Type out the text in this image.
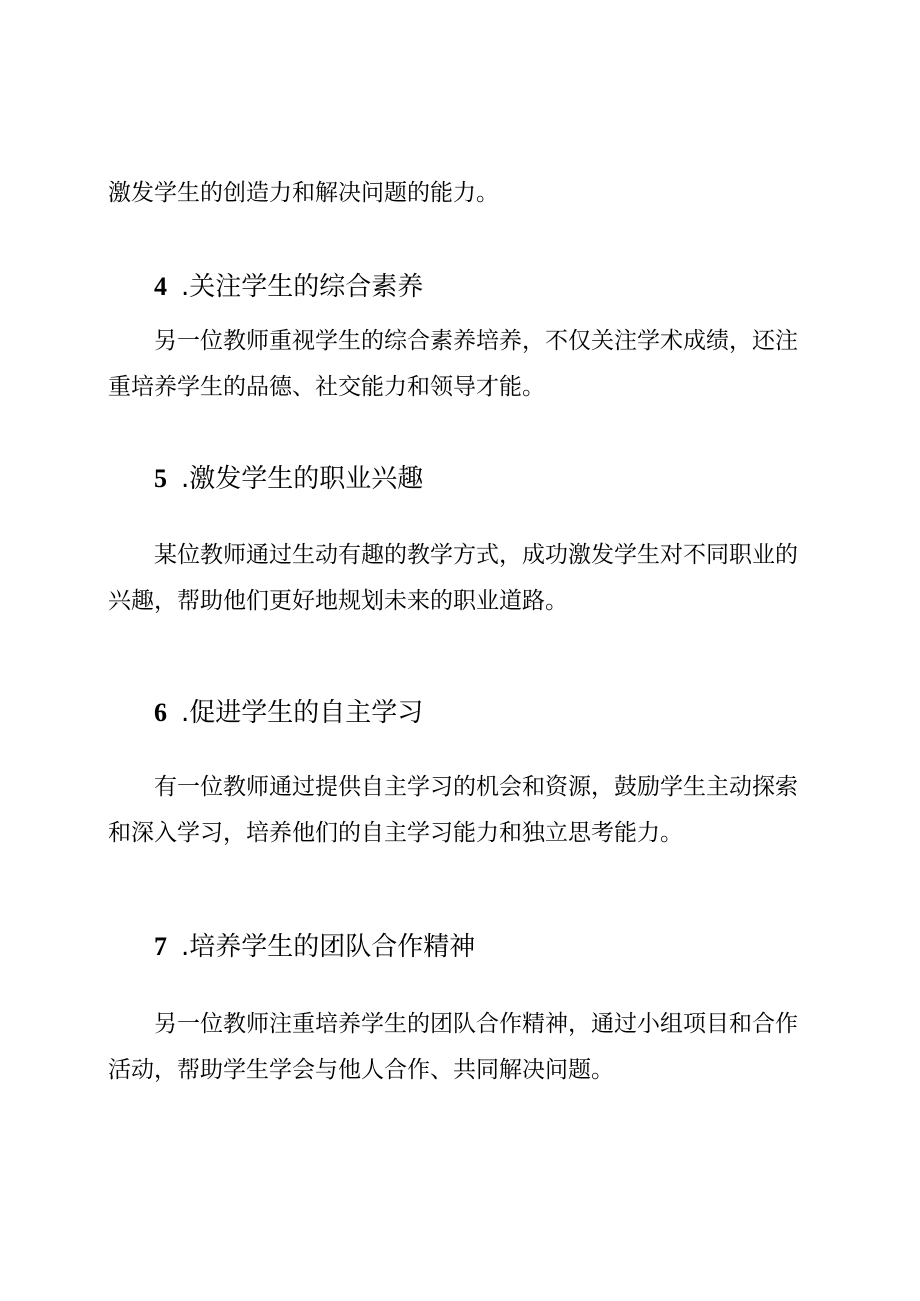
激发学生的创造力和解决问题的能力。

4 .关注学生的综合素养

另一位教师重视学生的综合素养培养，不仅关注学术成绩，还注
重培养学生的品德、社交能力和领导才能。

5 .激发学生的职业兴趣

某位教师通过生动有趣的教学方式，成功激发学生对不同职业的
兴趣，帮助他们更好地规划未来的职业道路。

6 .促进学生的自主学习

有一位教师通过提供自主学习的机会和资源，鼓励学生主动探索
和深入学习，培养他们的自主学习能力和独立思考能力。

7 .培养学生的团队合作精神

另一位教师注重培养学生的团队合作精神，通过小组项目和合作
活动，帮助学生学会与他人合作、共同解决问题。
